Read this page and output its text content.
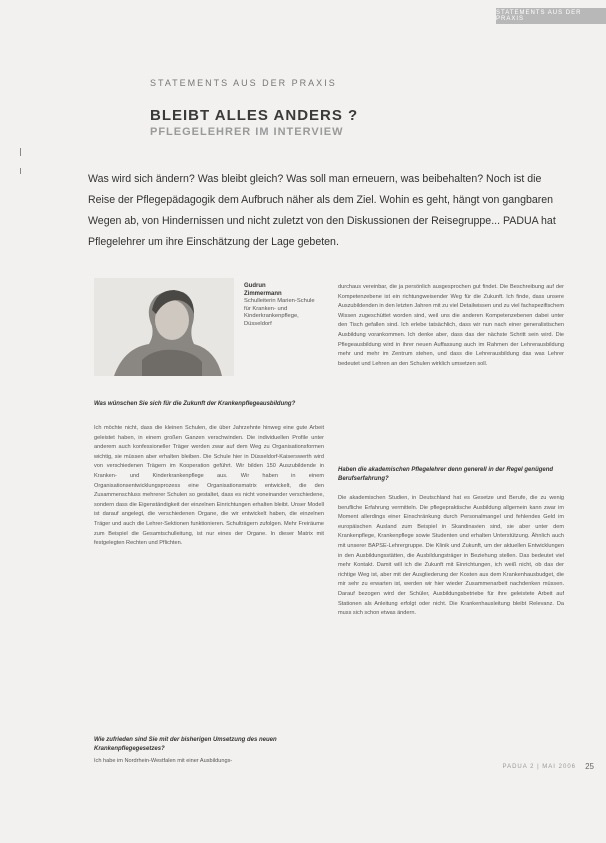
STATEMENTS AUS DER PRAXIS
STATEMENTS AUS DER PRAXIS
BLEIBT ALLES ANDERS ?
PFLEGELEHRER IM INTERVIEW

Was wird sich ändern? Was bleibt gleich? Was soll man erneuern, was beibehalten? Noch ist die Reise der Pflegepädagogik dem Aufbruch näher als dem Ziel. Wohin es geht, hängt von gangbaren Wegen ab, von Hindernissen und nicht zuletzt von den Diskussionen der Reisegruppe... PADUA hat Pflegelehrer um ihre Einschätzung der Lage gebeten.

Gudrun
Zimmermann
Schulleiterin Marien-Schule für Kranken- und Kinderkrankenpflege, Düsseldorf

Was wünschen Sie sich für die Zukunft der Krankenpflegeausbildung?

Ich möchte nicht, dass die kleinen Schulen, die über Jahrzehnte hinweg eine gute Arbeit geleistet haben, in einem großen Ganzen verschwinden. Die individuellen Profile unter anderem auch konfessioneller Träger werden zwar auf dem Weg zu Organisationsformen wichtig, sie müssen aber erhalten bleiben. Die Schule hier in Düsseldorf-Kaiserswerth wird von verschiedenen Trägern im Kooperation geführt. Wir bilden 150 Auszubildende in Kranken- und Kinderkrankenpflege aus. Wir haben in einem Organisationsentwicklungsprozess eine Organisationsmatrix entwickelt, die den Zusammenschluss mehrerer Schulen so gestaltet, dass es nicht voneinander verschiedene, sondern dass die Eigenständigkeit der einzelnen Einrichtungen erhalten bleibt. Unser Modell ist darauf angelegt, die verschiedenen Organe, die wir entwickelt haben, die einzelnen Träger und auch die Lehrer-Sektionen funktionieren. Schulträgern zufolgen. Mehr Freiräume zum Beispiel die Gesamtschulleitung, ist nur eines der Organe. In dieser Matrix mit festgelegten Rechten und Pflichten.

Wie zufrieden sind Sie mit der bisherigen Umsetzung des neuen Krankenpflegegesetzes?

Ich habe im Nordrhein-Westfalen mit einer Ausbildungs-

durchaus vereinbar, die ja persönlich ausgesprochen gut findet. Die Beschreibung auf der Kompetenzebene ist ein richtungweisender Weg für die Zukunft. Ich finde, dass unsere Auszubildenden in den letzten Jahren mit zu viel Detailwissen und zu viel fachspezifischem Wissen zugeschüttet worden sind, weil uns die anderen Kompetenzebenen dabei unter den Tisch gefallen sind. Ich erlebe tatsächlich, dass wir nun nach einer generalistischen Ausbildung vorankommen. Ich denke aber, dass das der nächste Schritt sein wird. Die Pflegeausbildung wird in ihrer neuen Auffassung auch im Rahmen der Lehrerausbildung mehr und mehr im Zentrum stehen, und dass die Lehrerausbildung das was Lehrer bedeutet und Lehren an den Schulen wirklich umsetzen soll.

Haben die akademischen Pflegelehrer denn generell in der Regel genügend Berufserfahrung?

Die akademischen Studien, in Deutschland hat es Gesetze und Berufe, die zu wenig berufliche Erfahrung vermitteln. Die pflegepraktische Ausbildung allgemein kann zwar im Moment allerdings einer Einschränkung durch Personalmangel und fehlendes Geld im europäischen Ausland zum Beispiel in Skandinavien sind, sie aber unter dem Krankenpflege, Krankenpflege sowie Studenten und erhalten Unterstützung. Ähnlich auch mit unserer BAPSE-Lehrergruppe. Die Klinik und Zukunft, um der aktuellen Entwicklungen in den Ausbildungsstätten, die Ausbildungsträger in Beziehung stellen. Das bedeutet viel mehr Kontakt. Damit will ich die Zukunft mit Einrichtungen, ich weiß nicht, ob das der richtige Weg ist, aber mit der Ausgliederung der Kosten aus dem Krankenhausbudget, die mir sehr zu erwarten ist, werden wir hier wieder Zusammenarbeit nachdenken müssen. Darauf bezogen wird der Schüler, Ausbildungsbetriebe für ihre geleistete Arbeit auf Stationen als Anleitung erfolgt oder nicht. Die Krankenhausleitung bleibt Relevanz. Da muss sich schon etwas ändern.

PADUA 2 | MAI 2006 25
